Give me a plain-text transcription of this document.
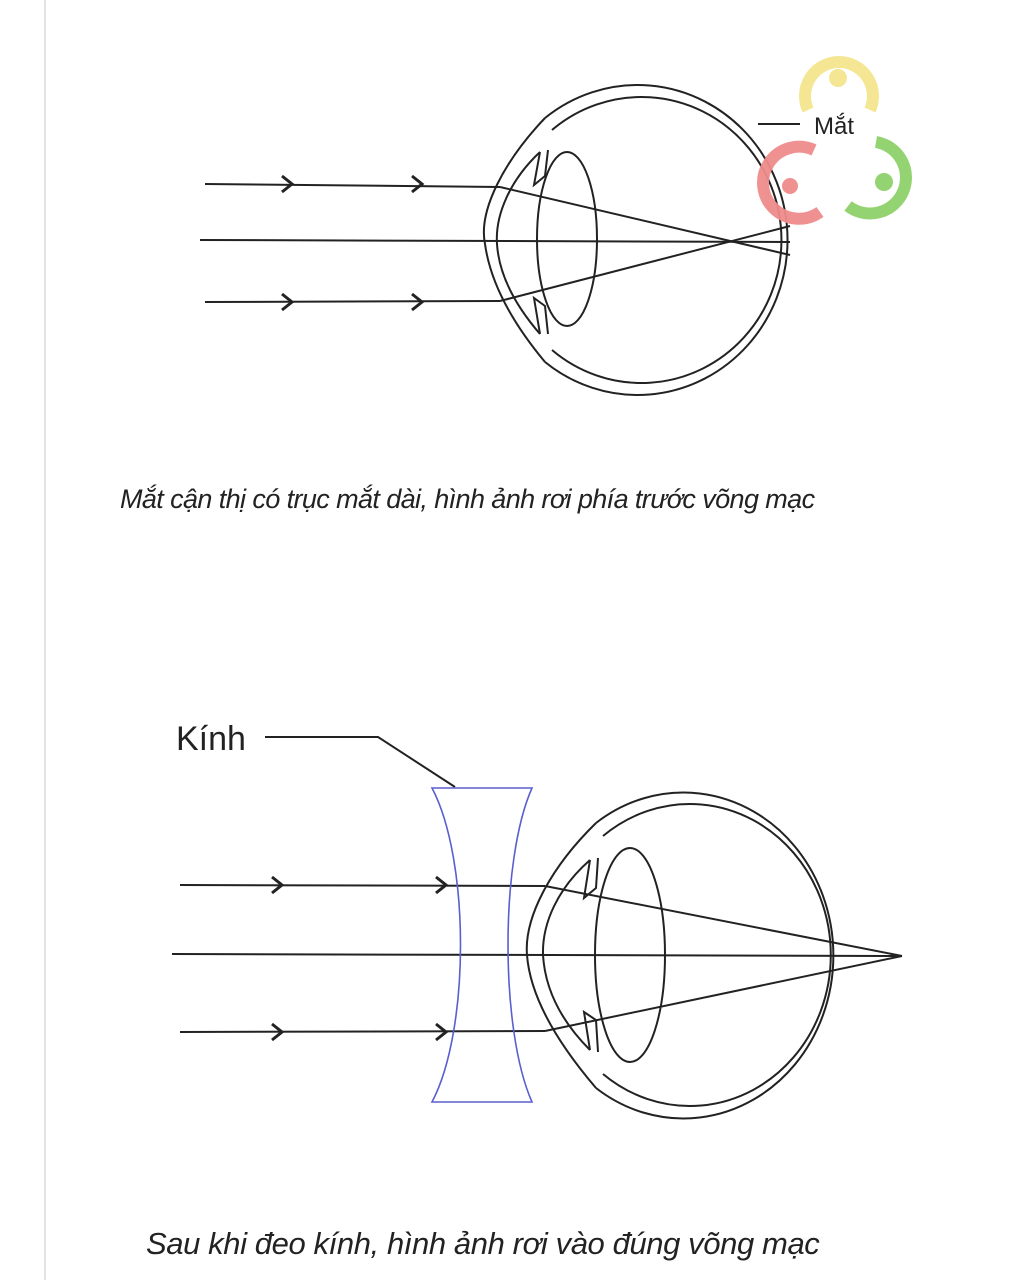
Mắt
Kính

Mắt cận thị có trục mắt dài, hình ảnh rơi phía trước võng mạc

Sau khi đeo kính, hình ảnh rơi vào đúng võng mạc
